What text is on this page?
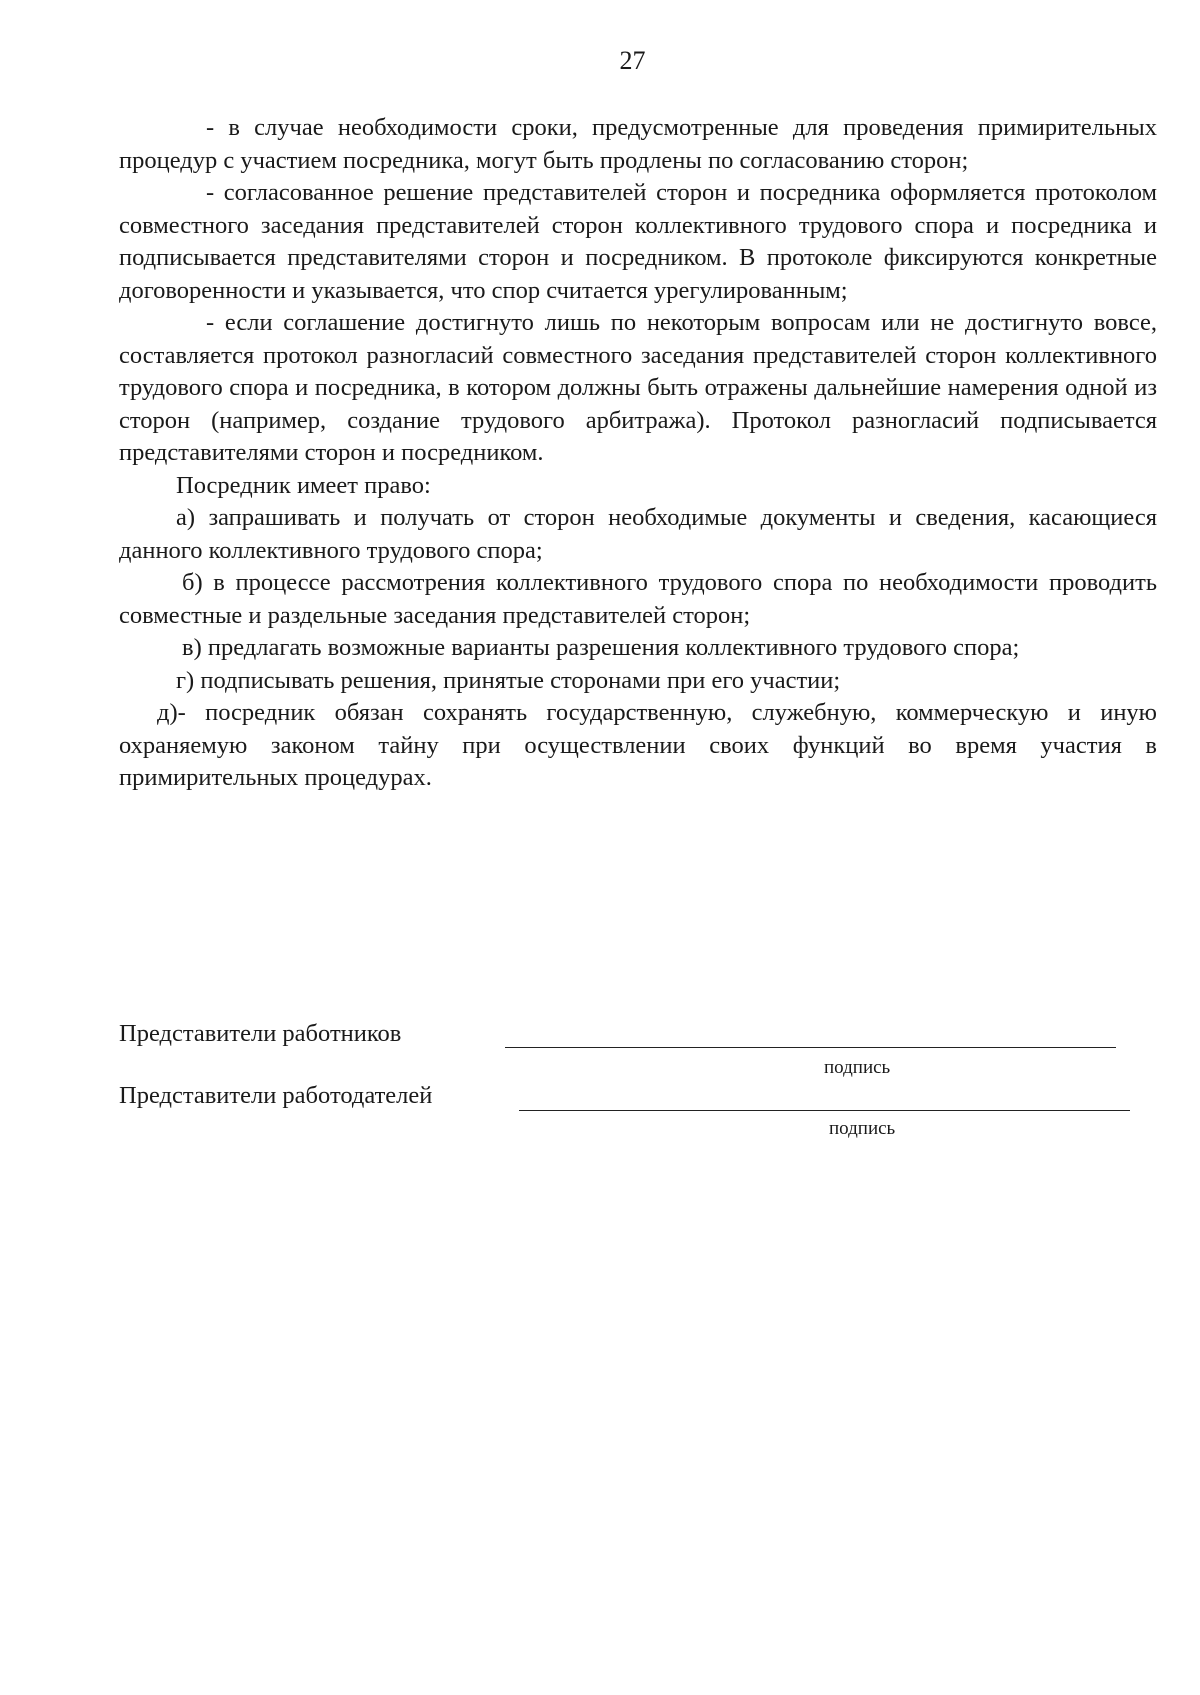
27

- в случае необходимости сроки, предусмотренные для проведения примирительных процедур с участием посредника, могут быть продлены по согласованию сторон;

- согласованное решение представителей сторон и посредника оформляется протоколом совместного заседания представителей сторон коллективного трудового спора и посредника и подписывается представителями сторон и посредником. В протоколе фиксируются конкретные договоренности и указывается, что спор считается урегулированным;

- если соглашение достигнуто лишь по некоторым вопросам или не достигнуто вовсе, составляется протокол разногласий совместного заседания представителей сторон коллективного трудового спора и посредника, в котором должны быть отражены дальнейшие намерения одной из сторон (например, создание трудового арбитража). Протокол разногласий подписывается представителями сторон и посредником.

Посредник имеет право:

а) запрашивать и получать от сторон необходимые документы и сведения, касающиеся данного коллективного трудового спора;

б) в процессе рассмотрения коллективного трудового спора по необходимости проводить совместные и раздельные заседания представителей сторон;

в) предлагать возможные варианты разрешения коллективного трудового спора;

г) подписывать решения, принятые сторонами при его участии;

д)- посредник обязан сохранять государственную, служебную, коммерческую и иную охраняемую законом тайну при осуществлении своих функций во время участия в примирительных процедурах.

Представители работников
подпись
Представители работодателей
подпись
